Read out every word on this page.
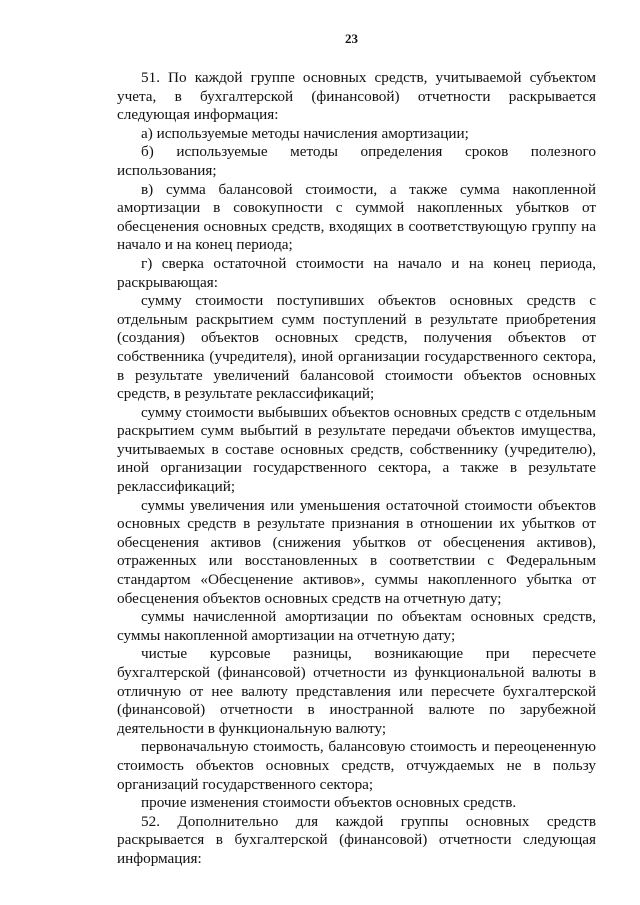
23

51. По каждой группе основных средств, учитываемой субъектом учета, в бухгалтерской (финансовой) отчетности раскрывается следующая информация:

а) используемые методы начисления амортизации;

б) используемые методы определения сроков полезного использования;

в) сумма балансовой стоимости, а также сумма накопленной амортизации в совокупности с суммой накопленных убытков от обесценения основных средств, входящих в соответствующую группу на начало и на конец периода;

г) сверка остаточной стоимости на начало и на конец периода, раскрывающая:

сумму стоимости поступивших объектов основных средств с отдельным раскрытием сумм поступлений в результате приобретения (создания) объектов основных средств, получения объектов от собственника (учредителя), иной организации государственного сектора, в результате увеличений балансовой стоимости объектов основных средств, в результате реклассификаций;

сумму стоимости выбывших объектов основных средств с отдельным раскрытием сумм выбытий в результате передачи объектов имущества, учитываемых в составе основных средств, собственнику (учредителю), иной организации государственного сектора, а также в результате реклассификаций;

суммы увеличения или уменьшения остаточной стоимости объектов основных средств в результате признания в отношении их убытков от обесценения активов (снижения убытков от обесценения активов), отраженных или восстановленных в соответствии с Федеральным стандартом «Обесценение активов», суммы накопленного убытка от обесценения объектов основных средств на отчетную дату;

суммы начисленной амортизации по объектам основных средств, суммы накопленной амортизации на отчетную дату;

чистые курсовые разницы, возникающие при пересчете бухгалтерской (финансовой) отчетности из функциональной валюты в отличную от нее валюту представления или пересчете бухгалтерской (финансовой) отчетности в иностранной валюте по зарубежной деятельности в функциональную валюту;

первоначальную стоимость, балансовую стоимость и переоцененную стоимость объектов основных средств, отчуждаемых не в пользу организаций государственного сектора;

прочие изменения стоимости объектов основных средств.

52. Дополнительно для каждой группы основных средств раскрывается в бухгалтерской (финансовой) отчетности следующая информация:
